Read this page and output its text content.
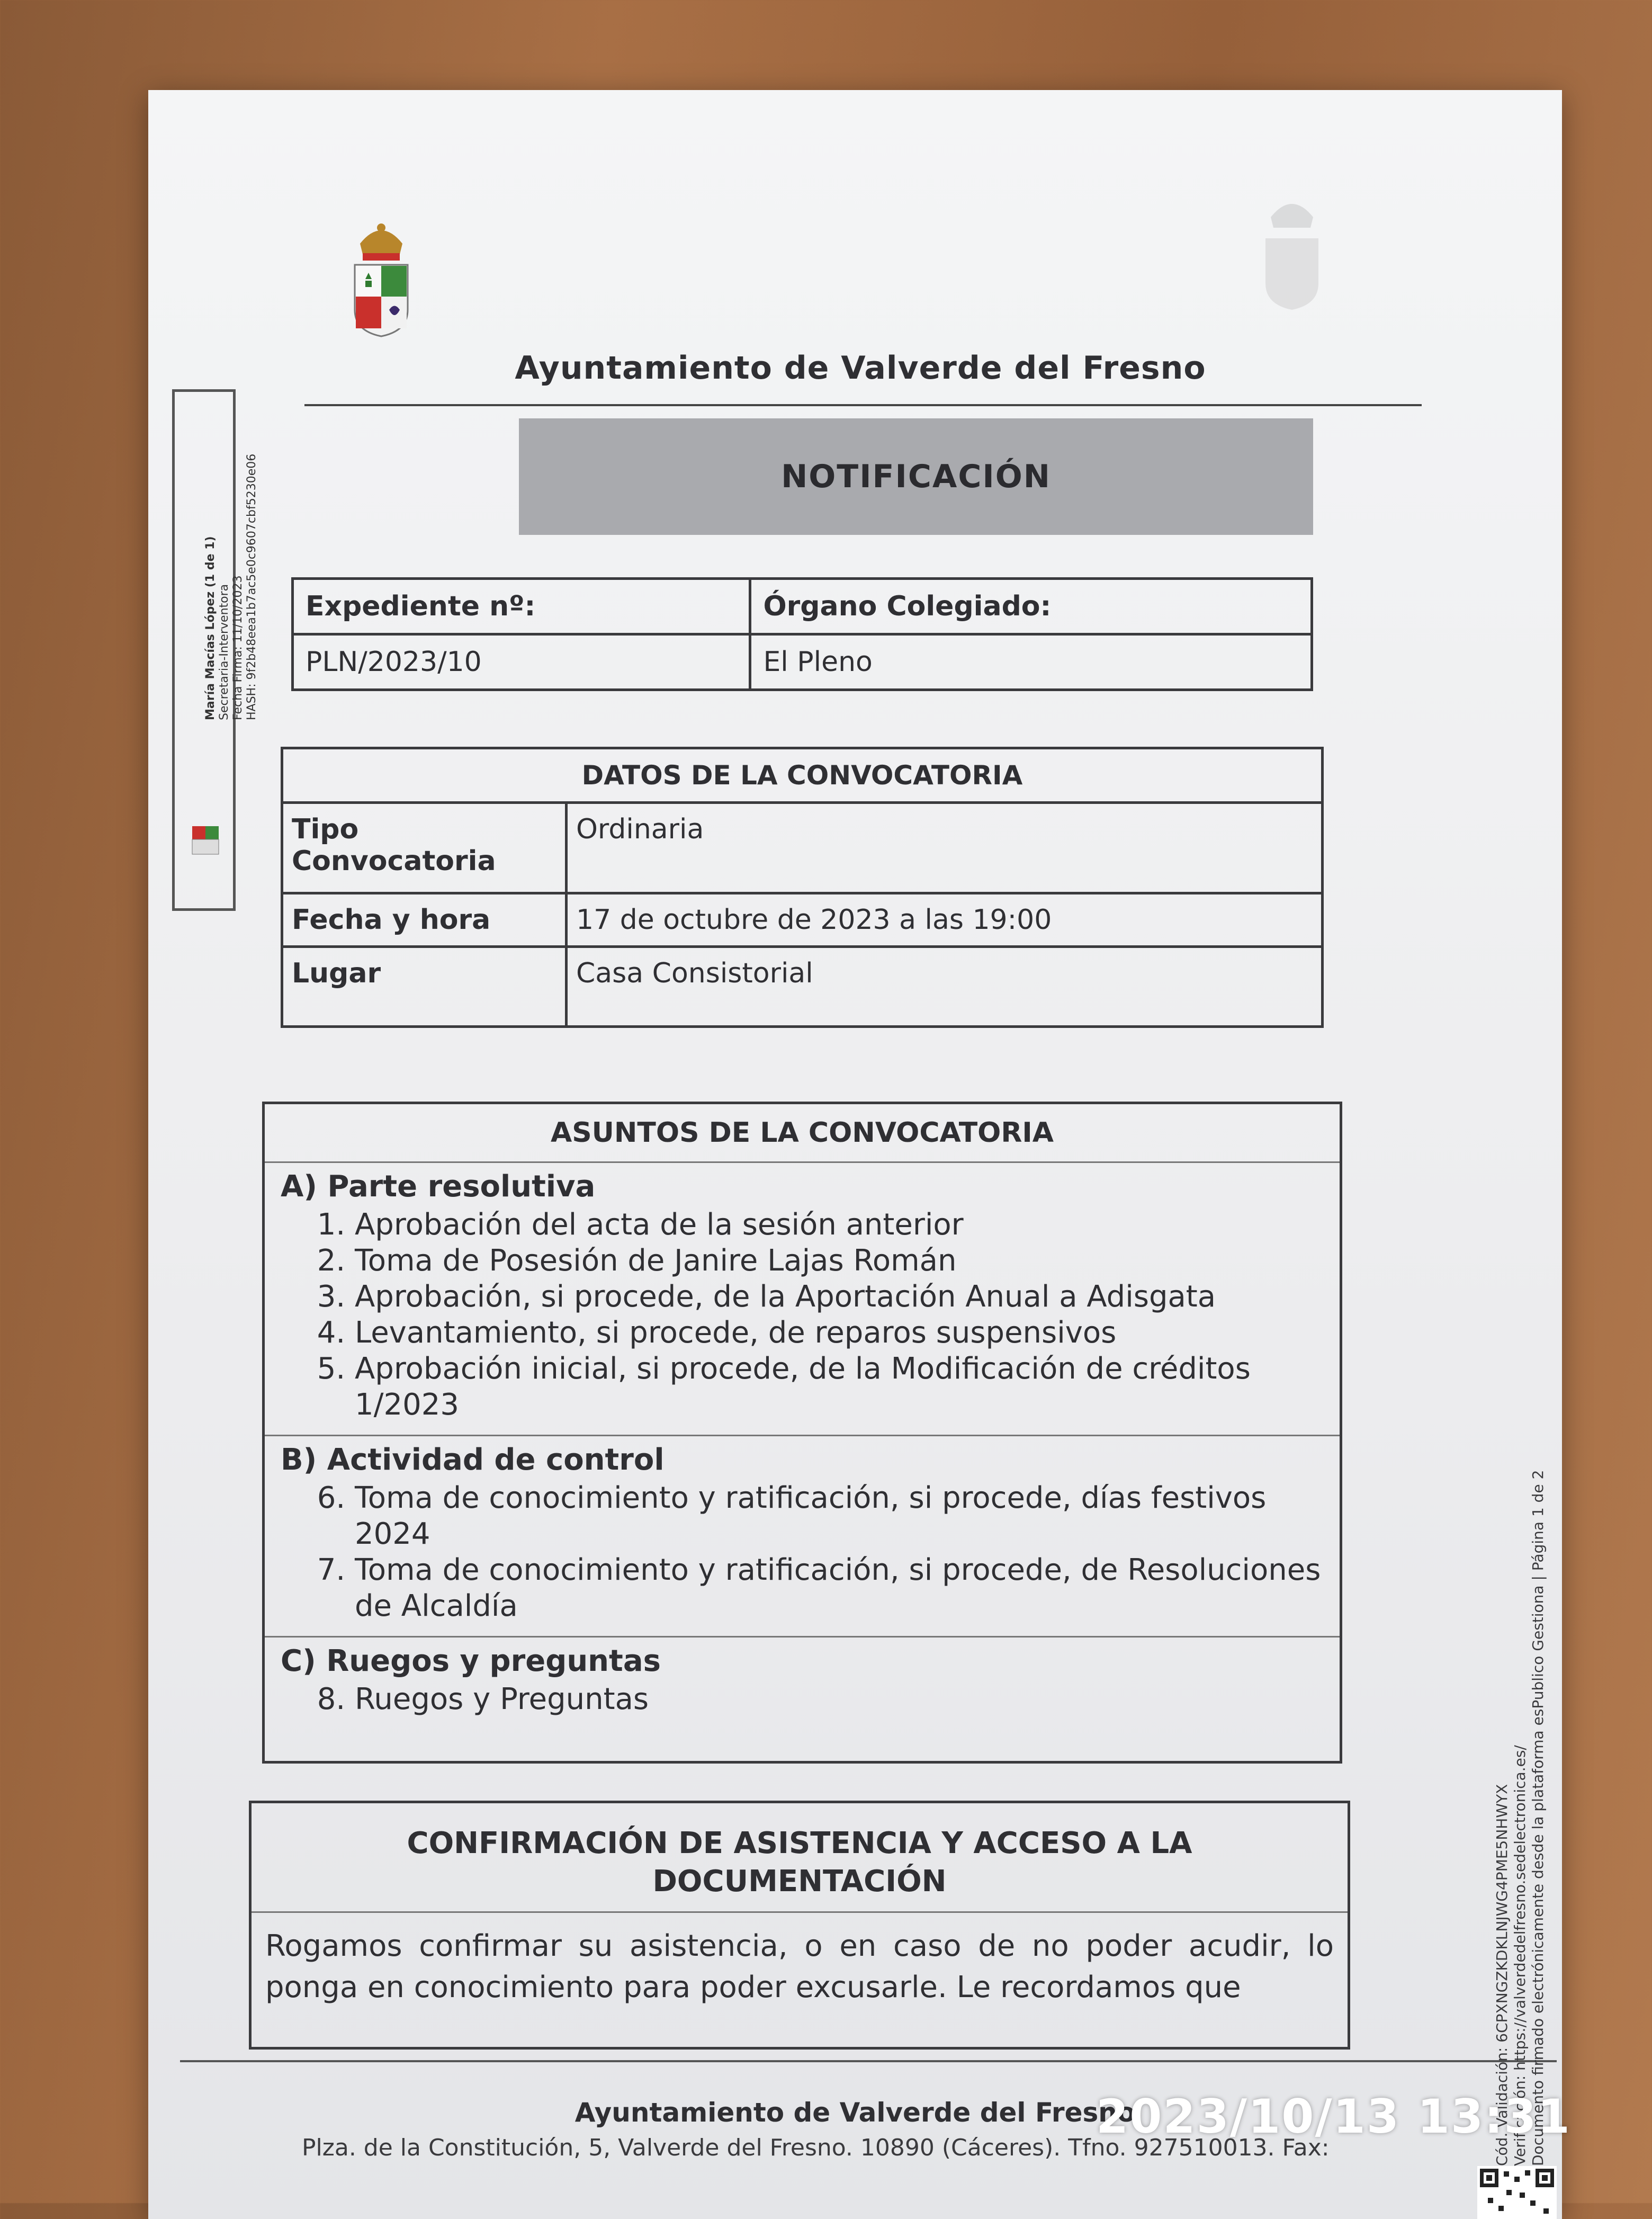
María Macías López (1 de 1) Secretaria-Interventora Fecha Firma: 11/10/2023 HASH: 9f2b48eea1b7ac5e0c9607cbf5230e06
Ayuntamiento de Valverde del Fresno
NOTIFICACIÓN
Expediente nº:	Órgano Colegiado:
PLN/2023/10	El Pleno
DATOS DE LA CONVOCATORIA	
Tipo Convocatoria	Ordinaria
Fecha y hora	17 de octubre de 2023 a las 19:00
Lugar	Casa Consistorial
ASUNTOS DE LA CONVOCATORIA
A) Parte resolutiva
1. Aprobación del acta de la sesión anterior
2. Toma de Posesión de Janire Lajas Román
3. Aprobación, si procede, de la Aportación Anual a Adisgata
4. Levantamiento, si procede, de reparos suspensivos
5. Aprobación inicial, si procede, de la Modificación de créditos 1/2023
B) Actividad de control
6. Toma de conocimiento y ratificación, si procede, días festivos 2024
7. Toma de conocimiento y ratificación, si procede, de Resoluciones de Alcaldía
C) Ruegos y preguntas
8. Ruegos y Preguntas
CONFIRMACIÓN DE ASISTENCIA Y ACCESO A LA DOCUMENTACIÓN
Rogamos confirmar su asistencia, o en caso de no poder acudir, lo ponga en conocimiento para poder excusarle. Le recordamos que
Ayuntamiento de Valverde del Fresno
Plza. de la Constitución, 5, Valverde del Fresno. 10890 (Cáceres). Tfno. 927510013. Fax:	Cód. Validación: 6CPXNGZKDKLNJWG4PME5NHWYX Verificación: https://valverdedelfresno.sedelectronica.es/ Documento firmado electrónicamente desde la plataforma esPublico Gestiona | Página 1 de 2
2023/10/13 13:31
